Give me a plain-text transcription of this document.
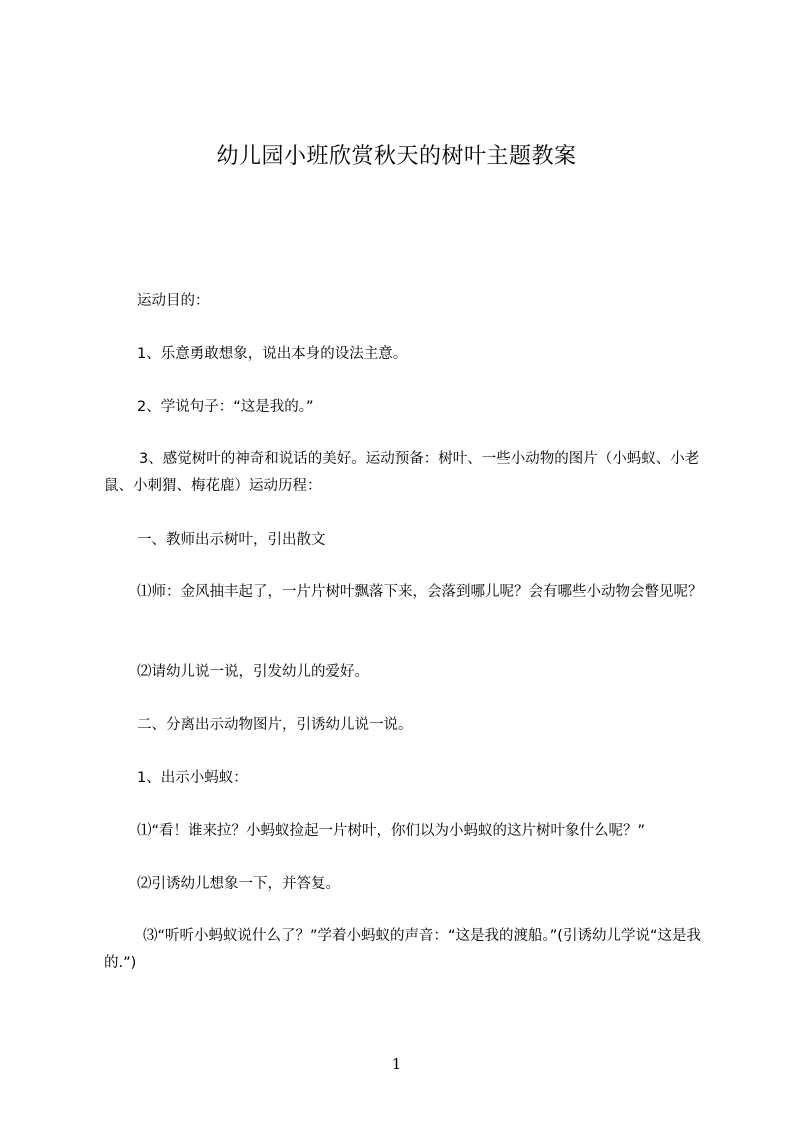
幼儿园小班欣赏秋天的树叶主题教案
运动目的：
1、乐意勇敢想象，说出本身的设法主意。
2、学说句子：“这是我的。”
3、感觉树叶的神奇和说话的美好。运动预备：树叶、一些小动物的图片（小蚂蚁、小老鼠、小刺猬、梅花鹿）运动历程：
一、教师出示树叶，引出散文
⑴师：金风抽丰起了，一片片树叶飘落下来，会落到哪儿呢？会有哪些小动物会瞥见呢？
⑵请幼儿说一说，引发幼儿的爱好。
二、分离出示动物图片，引诱幼儿说一说。
1、出示小蚂蚁：
⑴“看！谁来拉？小蚂蚁捡起一片树叶，你们以为小蚂蚁的这片树叶象什么呢？”
⑵引诱幼儿想象一下，并答复。
⑶“听听小蚂蚁说什么了？”学着小蚂蚁的声音：“这是我的渡船。”(引诱幼儿学说“这是我的.”)
1
